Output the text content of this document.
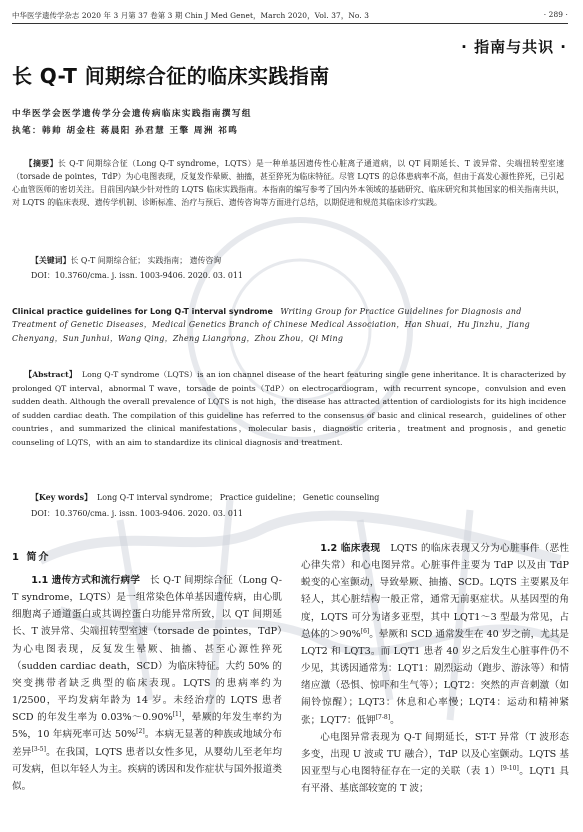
中华医学遗传学杂志 2020 年 3 月第 37 卷第 3 期 Chin J Med Genet，March 2020，Vol. 37，No. 3	· 289 ·
· 指南与共识 ·
长 Q-T 间期综合征的临床实践指南
中华医学会医学遗传学分会遗传病临床实践指南撰写组
执笔：韩帅 胡金柱 蒋晨阳 孙君慧 王擎 周洲 祁鸣

【摘要】长 Q-T 间期综合征（Long Q-T syndrome，LQTS）是一种单基因遗传性心脏离子通道病，以 QT 间期延长、T 波异常、尖端扭转型室速（torsade de pointes，TdP）为心电图表现，反复发作晕厥、抽搐，甚至猝死为临床特征。尽管 LQTS 的总体患病率不高，但由于高发心源性猝死，已引起心血管医师的密切关注。目前国内缺少针对性的 LQTS 临床实践指南。本指南的编写参考了国内外本领域的基础研究、临床研究和其他国家的相关指南共识，对 LQTS 的临床表现、遗传学机制、诊断标准、治疗与预后、遗传咨询等方面进行总结，以期促进和规范其临床诊疗实践。

【关键词】长 Q-T 间期综合征； 实践指南； 遗传咨询
DOI：10.3760/cma. j. issn. 1003-9406. 2020. 03. 011
Clinical practice guidelines for Long Q-T interval syndrome Writing Group for Practice Guidelines for Diagnosis and Treatment of Genetic Diseases，Medical Genetics Branch of Chinese Medical Association，Han Shuai，Hu Jinzhu，Jiang Chenyang，Sun Junhui，Wang Qing，Zheng Liangrong，Zhou Zhou，Qi Ming

【Abstract】 Long Q-T syndrome（LQTS）is an ion channel disease of the heart featuring single gene inheritance. It is characterized by prolonged QT interval，abnormal T wave，torsade de points（TdP）on electrocardiogram，with recurrent syncope，convulsion and even sudden death. Although the overall prevalence of LQTS is not high，the disease has attracted attention of cardiologists for its high incidence of sudden cardiac death. The compilation of this guideline has referred to the consensus of basic and clinical research，guidelines of other countries，and summarized the clinical manifestations，molecular basis，diagnostic criteria，treatment and prognosis，and genetic counseling of LQTS，with an aim to standardize its clinical diagnosis and treatment.

【Key words】 Long Q-T interval syndrome； Practice guideline； Genetic counseling
DOI：10.3760/cma. j. issn. 1003-9406. 2020. 03. 011
1 简介

1.1 遗传方式和流行病学 长 Q-T 间期综合征（Long Q-T syndrome，LQTS）是一组常染色体单基因遗传病，由心肌细胞离子通道蛋白或其调控蛋白功能异常所致，以 QT 间期延长、T 波异常、尖端扭转型室速（torsade de pointes，TdP）为心电图表现，反复发生晕厥、抽搐、甚至心源性猝死（sudden cardiac death，SCD）为临床特征。大约 50% 的突变携带者缺乏典型的临床表现。LQTS 的患病率约为 1/2500，平均发病年龄为 14 岁。未经治疗的 LQTS 患者 SCD 的年发生率为 0.03%～0.90%[1]，晕厥的年发生率约为 5%，10 年病死率可达 50%[2]。本病无显著的种族或地域分布差异[3-5]。在我国，LQTS 患者以女性多见，从婴幼儿至老年均可发病，但以年轻人为主。疾病的诱因和发作症状与国外报道类似。

1.2 临床表现 LQTS 的临床表现又分为心脏事件（恶性心律失常）和心电图异常。心脏事件主要为 TdP 以及由 TdP 蜕变的心室颤动，导致晕厥、抽搐、SCD。LQTS 主要累及年轻人，其心脏结构一般正常，通常无前驱症状。从基因型的角度，LQTS 可分为诸多亚型，其中 LQT1～3 型最为常见，占总体的＞90%[6]。晕厥和 SCD 通常发生在 40 岁之前，尤其是 LQT2 和 LQT3。而 LQT1 患者 40 岁之后发生心脏事件仍不少见，其诱因通常为：LQT1：剧烈运动（跑步、游泳等）和情绪应激（恐惧、惊吓和生气等）；LQT2：突然的声音刺激（如闹铃惊醒）；LQT3：休息和心率慢；LQT4：运动和精神紧张；LQT7：低钾[7-8]。

心电图异常表现为 Q-T 间期延长，ST-T 异常（T 波形态多变，出现 U 波或 TU 融合），TdP 以及心室颤动。LQTS 基因亚型与心电图特征存在一定的关联（表 1）[9-10]。LQT1 具有平滑、基底部较宽的 T 波；
